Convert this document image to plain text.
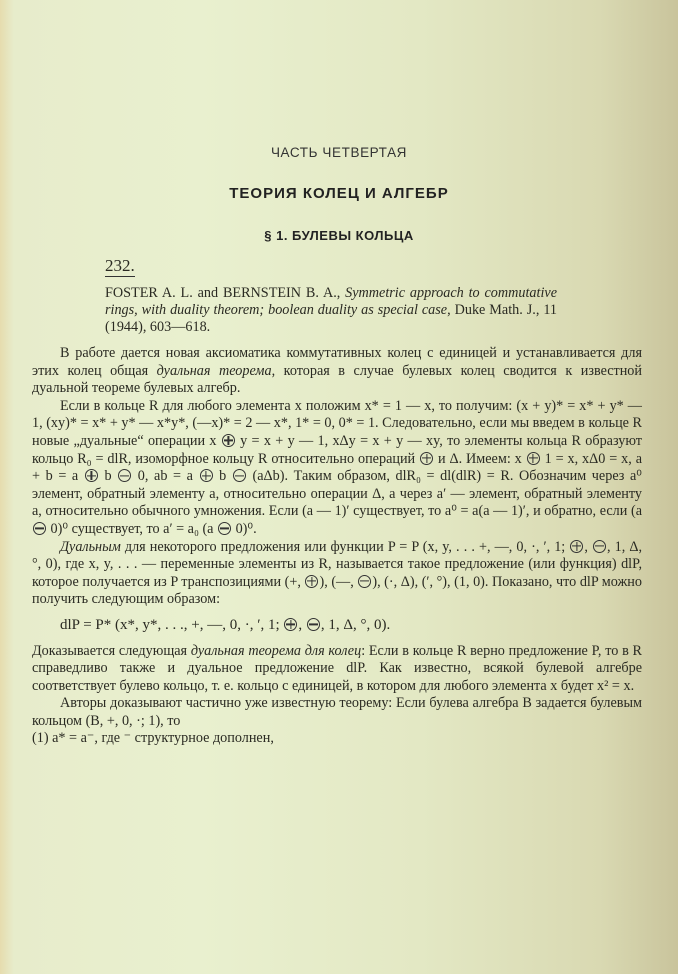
ЧАСТЬ ЧЕТВЕРТАЯ
ТЕОРИЯ КОЛЕЦ И АЛГЕБР
§ 1. БУЛЕВЫ КОЛЬЦА
232.
FOSTER A. L. and BERNSTEIN B. A., Symmetric approach to commutative rings, with duality theorem; boolean duality as special case, Duke Math. J., 11 (1944), 603—618.

В работе дается новая аксиоматика коммутативных колец с единицей и устанавливается для этих колец общая дуальная теорема, которая в случае булевых колец сводится к известной дуальной теореме булевых алгебр.

Если в кольце R для любого элемента x положим x* = 1 — x, то получим: (x + y)* = x* + y* — 1, (xy)* = x* + y* — x*y*, (—x)* = 2 — x*, 1* = 0, 0* = 1. Следовательно, если мы введем в кольце R новые „дуальные“ операции x  y = x + y — 1, xΔy = x + y — xy, то элементы кольца R образуют кольцо R₀ = dlR, изоморфное кольцу R относительно операций  и Δ. Имеем: x  1 = x, xΔ0 = x, a + b = a  b  0, ab = a  b  (aΔb). Таким образом, dlR₀ = dl(dlR) = R. Обозначим через a⁰ элемент, обратный элементу a, относительно операции Δ, а через a′ — элемент, обратный элементу a, относительно обычного умножения. Если (a — 1)′ существует, то a⁰ = a(a — 1)′, и обратно, если (a  0)⁰ существует, то a′ = a₀ (a  0)⁰.

Дуальным для некоторого предложения или функции P = P (x, y, . . . +, —, 0, ·, ′, 1; , , 1, Δ, °, 0), где x, y, . . . — переменные элементы из R, называется такое предложение (или функция) dlP, которое получается из P транспозициями (+, ), (—, ), (·, Δ), (′, °), (1, 0). Показано, что dlP можно получить следующим образом:

dlP = P* (x*, y*, . . ., +, —, 0, ·, ′, 1; , , 1, Δ, °, 0).

Доказывается следующая дуальная теорема для колец: Если в кольце R верно предложение P, то в R справедливо также и дуальное предложение dlP. Как известно, всякой булевой алгебре соответствует булево кольцо, т. е. кольцо с единицей, в котором для любого элемента x будет x² = x.

Авторы доказывают частично уже известную теорему: Если булева алгебра B задается булевым кольцом (B, +, 0, ·; 1), то

(1) a* = a⁻, где ⁻ структурное дополнен,
